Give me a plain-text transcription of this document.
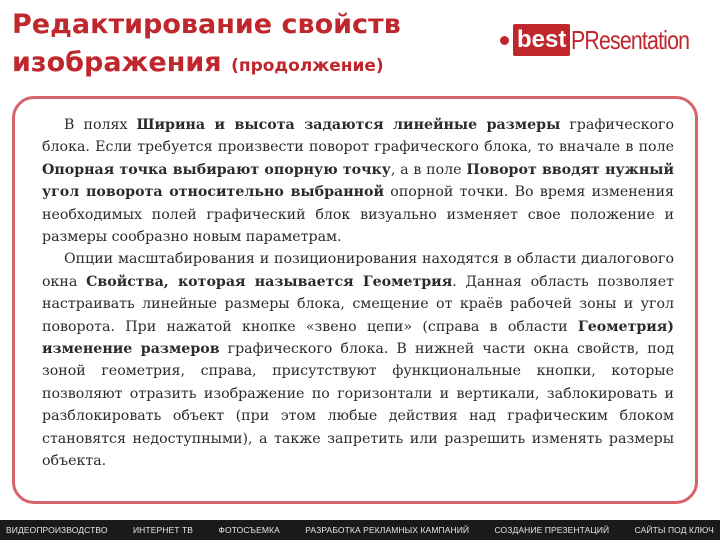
Редактирование свойств
изображения (продолжение)
best PResentation

В полях Ширина и высота задаются линейные размеры графического блока. Если требуется произвести поворот графического блока, то вначале в поле Опорная точка выбирают опорную точку, а в поле Поворот вводят нужный угол поворота относительно выбранной опорной точки. Во время изменения необходимых полей графический блок визуально изменяет свое положение и размеры сообразно новым параметрам.

Опции масштабирования и позиционирования находятся в области диалогового окна Свойства, которая называется Геометрия. Данная область позволяет настраивать линейные размеры блока, смещение от краёв рабочей зоны и угол поворота. При нажатой кнопке «звено цепи» (справа в области Геометрия) изменение размеров графического блока. В нижней части окна свойств, под зоной геометрия, справа, присутствуют функциональные кнопки, которые позволяют отразить изображение по горизонтали и вертикали, заблокировать и разблокировать объект (при этом любые действия над графическим блоком становятся недоступными), а также запретить или разрешить изменять размеры объекта.

ВИДЕОПРОИЗВОДСТВО	ИНТЕРНЕТ ТВ	ФОТОСЪЕМКА	РАЗРАБОТКА РЕКЛАМНЫХ КАМПАНИЙ	СОЗДАНИЕ ПРЕЗЕНТАЦИЙ	САЙТЫ ПОД КЛЮЧ
